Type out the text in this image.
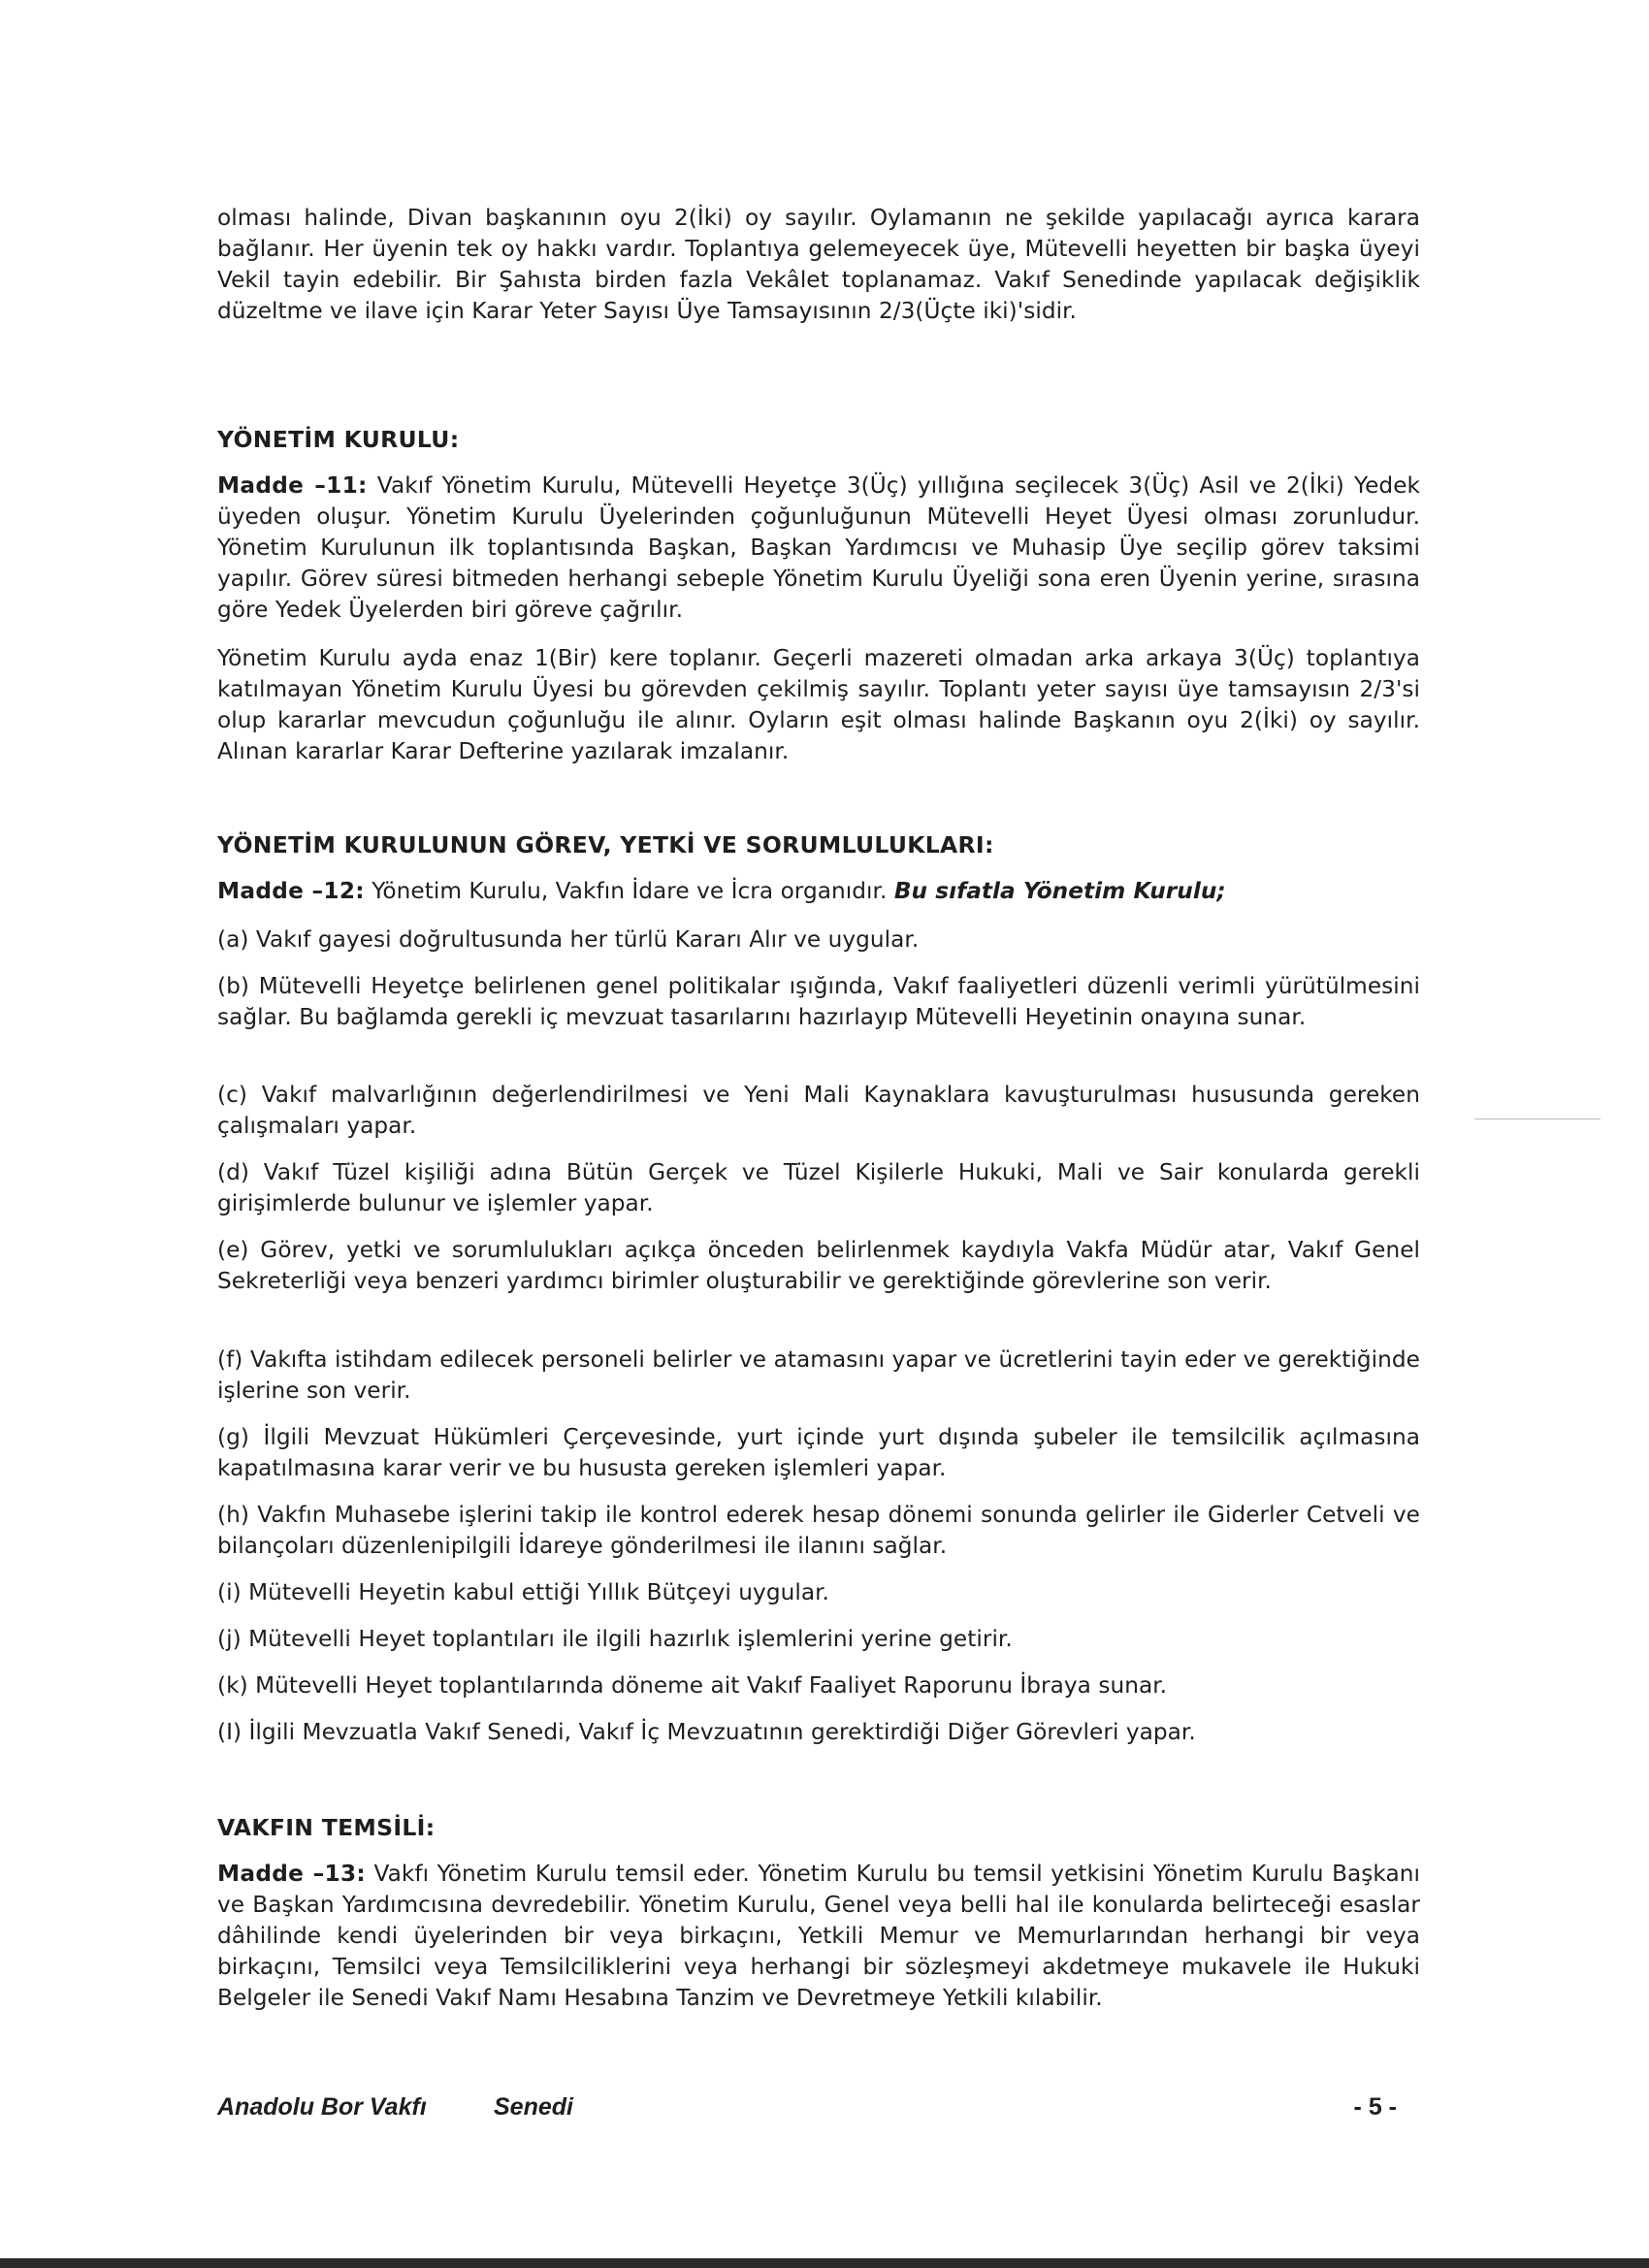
olması halinde, Divan başkanının oyu 2(İki) oy sayılır. Oylamanın ne şekilde yapılacağı ayrıca karara bağlanır. Her üyenin tek oy hakkı vardır. Toplantıya gelemeyecek üye, Mütevelli heyetten bir başka üyeyi Vekil tayin edebilir. Bir Şahısta birden fazla Vekâlet toplanamaz. Vakıf Senedinde yapılacak değişiklik düzeltme ve ilave için Karar Yeter Sayısı Üye Tamsayısının 2/3(Üçte iki)'sidir.

YÖNETİM KURULU:

Madde –11: Vakıf Yönetim Kurulu, Mütevelli Heyetçe 3(Üç) yıllığına seçilecek 3(Üç) Asil ve 2(İki) Yedek üyeden oluşur. Yönetim Kurulu Üyelerinden çoğunluğunun Mütevelli Heyet Üyesi olması zorunludur. Yönetim Kurulunun ilk toplantısında Başkan, Başkan Yardımcısı ve Muhasip Üye seçilip görev taksimi yapılır. Görev süresi bitmeden herhangi sebeple Yönetim Kurulu Üyeliği sona eren Üyenin yerine, sırasına göre Yedek Üyelerden biri göreve çağrılır.

Yönetim Kurulu ayda enaz 1(Bir) kere toplanır. Geçerli mazereti olmadan arka arkaya 3(Üç) toplantıya katılmayan Yönetim Kurulu Üyesi bu görevden çekilmiş sayılır. Toplantı yeter sayısı üye tamsayısın 2/3'si olup kararlar mevcudun çoğunluğu ile alınır. Oyların eşit olması halinde Başkanın oyu 2(İki) oy sayılır. Alınan kararlar Karar Defterine yazılarak imzalanır.

YÖNETİM KURULUNUN GÖREV, YETKİ VE SORUMLULUKLARI:

Madde –12: Yönetim Kurulu, Vakfın İdare ve İcra organıdır. Bu sıfatla Yönetim Kurulu;

(a) Vakıf gayesi doğrultusunda her türlü Kararı Alır ve uygular.

(b) Mütevelli Heyetçe belirlenen genel politikalar ışığında, Vakıf faaliyetleri düzenli verimli yürütülmesini sağlar. Bu bağlamda gerekli iç mevzuat tasarılarını hazırlayıp Mütevelli Heyetinin onayına sunar.

(c) Vakıf malvarlığının değerlendirilmesi ve Yeni Mali Kaynaklara kavuşturulması hususunda gereken çalışmaları yapar.

(d) Vakıf Tüzel kişiliği adına Bütün Gerçek ve Tüzel Kişilerle Hukuki, Mali ve Sair konularda gerekli girişimlerde bulunur ve işlemler yapar.

(e) Görev, yetki ve sorumlulukları açıkça önceden belirlenmek kaydıyla Vakfa Müdür atar, Vakıf Genel Sekreterliği veya benzeri yardımcı birimler oluşturabilir ve gerektiğinde görevlerine son verir.

(f) Vakıfta istihdam edilecek personeli belirler ve atamasını yapar ve ücretlerini tayin eder ve gerektiğinde işlerine son verir.

(g) İlgili Mevzuat Hükümleri Çerçevesinde, yurt içinde yurt dışında şubeler ile temsilcilik açılmasına kapatılmasına karar verir ve bu hususta gereken işlemleri yapar.

(h) Vakfın Muhasebe işlerini takip ile kontrol ederek hesap dönemi sonunda gelirler ile Giderler Cetveli ve bilançoları düzenlenipilgili İdareye gönderilmesi ile ilanını sağlar.

(i) Mütevelli Heyetin kabul ettiği Yıllık Bütçeyi uygular.

(j) Mütevelli Heyet toplantıları ile ilgili hazırlık işlemlerini yerine getirir.

(k) Mütevelli Heyet toplantılarında döneme ait Vakıf Faaliyet Raporunu İbraya sunar.

(I) İlgili Mevzuatla Vakıf Senedi, Vakıf İç Mevzuatının gerektirdiği Diğer Görevleri yapar.

VAKFIN TEMSİLİ:

Madde –13: Vakfı Yönetim Kurulu temsil eder. Yönetim Kurulu bu temsil yetkisini Yönetim Kurulu Başkanı ve Başkan Yardımcısına devredebilir. Yönetim Kurulu, Genel veya belli hal ile konularda belirteceği esaslar dâhilinde kendi üyelerinden bir veya birkaçını, Yetkili Memur ve Memurlarından herhangi bir veya birkaçını, Temsilci veya Temsilciliklerini veya herhangi bir sözleşmeyi akdetmeye mukavele ile Hukuki Belgeler ile Senedi Vakıf Namı Hesabına Tanzim ve Devretmeye Yetkili kılabilir.

Anadolu Bor Vakfı	Senedi	- 5 -
